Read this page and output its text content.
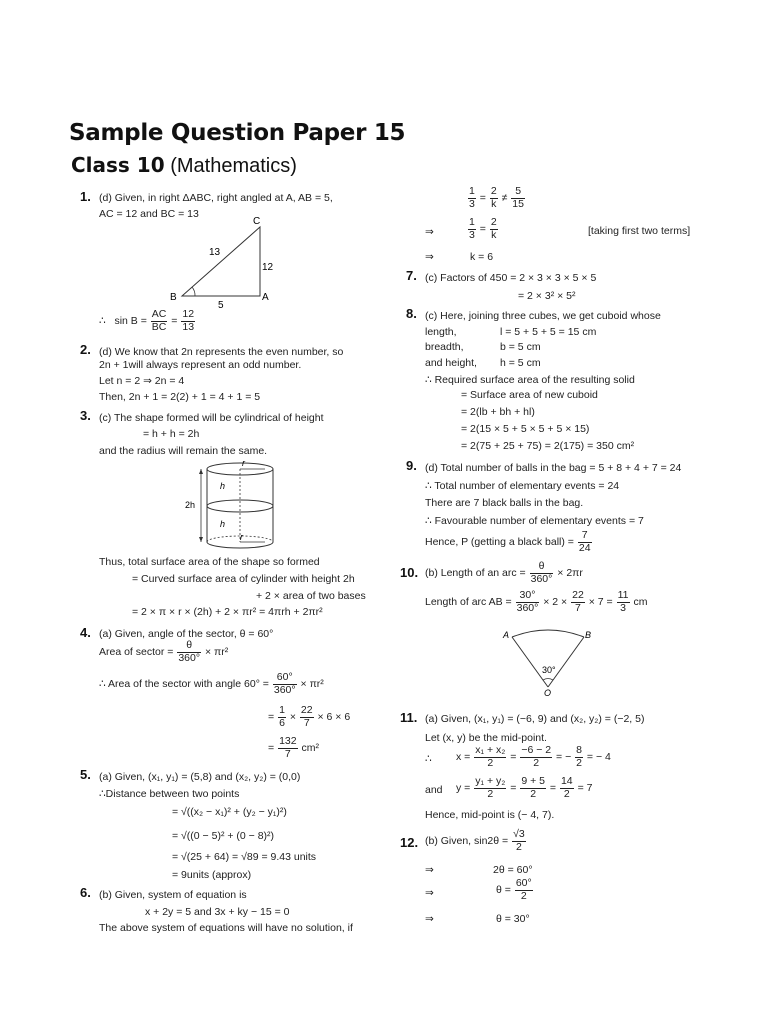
Sample Question Paper 15
Class 10 (Mathematics)
1. (d) Given, in right ΔABC, right angled at A, AB = 5,
AC = 12 and BC = 13
C
B	A
13
12
5
∴ $\sin B = \frac{AC}{BC} = \frac{12}{13}$
2. (d) We know that 2n represents the even number, so
2n + 1will always represent an odd number.
Let n = 2 ⇒ 2n = 4
Then, 2n + 1 = 2(2) + 1 = 4 + 1 = 5
3. (c) The shape formed will be cylindrical of height
= h + h = 2h
and the radius will remain the same.
r
h
h
2h
r
Thus, total surface area of the shape so formed
= Curved surface area of cylinder with height 2h
+ 2 × area of two bases
= 2 × π × r × (2h) + 2 × πr² = 4πrh + 2πr²
4. (a) Given, angle of the sector, θ = 60°
Area of sector = $\frac{\theta}{360^\circ} \times \pi r^2$
∴ Area of the sector with angle $60^\circ = \frac{60^\circ}{360^\circ} \times \pi r^2$
= $\frac{1}{6} \times \frac{22}{7} \times 6 \times 6$
= $\frac{132}{7} cm^2$
5. (a) Given, (x₁, y₁) = (5,8) and (x₂, y₂) = (0,0)
∴Distance between two points
= √((x₂ − x₁)² + (y₂ − y₁)²)
= √((0 − 5)² + (0 − 8)²)
= √(25 + 64) = √89 = 9.43 units
= 9units (approx)
6. (b) Given, system of equation is
x + 2y = 5 and 3x + ky − 15 = 0
The above system of equations will have no solution, if
$\frac{1}{3} = \frac{2}{k} \ne \frac{5}{15}$
⇒	$\frac{1}{3} = \frac{2}{k}$	[taking first two terms]
⇒	k = 6
7. (c) Factors of 450 = 2 × 3 × 3 × 5 × 5
= 2 × 3² × 5²
8. (c) Here, joining three cubes, we get cuboid whose
length,	l = 5 + 5 + 5 = 15 cm
breadth,	b = 5 cm
and height, h = 5 cm
∴ Required surface area of the resulting solid
= Surface area of new cuboid
= 2(lb + bh + hl)
= 2(15 × 5 + 5 × 5 + 5 × 15)
= 2(75 + 25 + 75) = 2(175) = 350 cm²
9. (d) Total number of balls in the bag = 5 + 8 + 4 + 7 = 24
∴ Total number of elementary events = 24
There are 7 black balls in the bag.
∴ Favourable number of elementary events = 7
Hence, P (getting a black ball) = $\frac{7}{24}$
10. (b) Length of an arc = $\frac{\theta}{360^\circ} \times 2\pi r$
Length of arc AB = $\frac{30^\circ}{360^\circ} \times 2 \times \frac{22}{7} \times 7 = \frac{11}{3}$ cm
A	B
30°
O
11. (a) Given, (x₁, y₁) = (−6, 9) and (x₂, y₂) = (−2, 5)
Let (x, y) be the mid-point.
∴ $x = \frac{\text{x₁ + x₂}}{2} = \frac{-6 - 2}{2}$ = − $\frac{8}{2}$ = − 4
and $y = \frac{\text{y₁ + y₂}}{2} = \frac{9 + 5}{2} = \frac{14}{2} = 7$
Hence, mid-point is (− 4, 7).
12. (b) Given, $\sin 2\theta = \frac{√3}{2}$
⇒	2θ = 60°
⇒	$\theta = \frac{60^\circ}{2}$
⇒	θ = 30°
